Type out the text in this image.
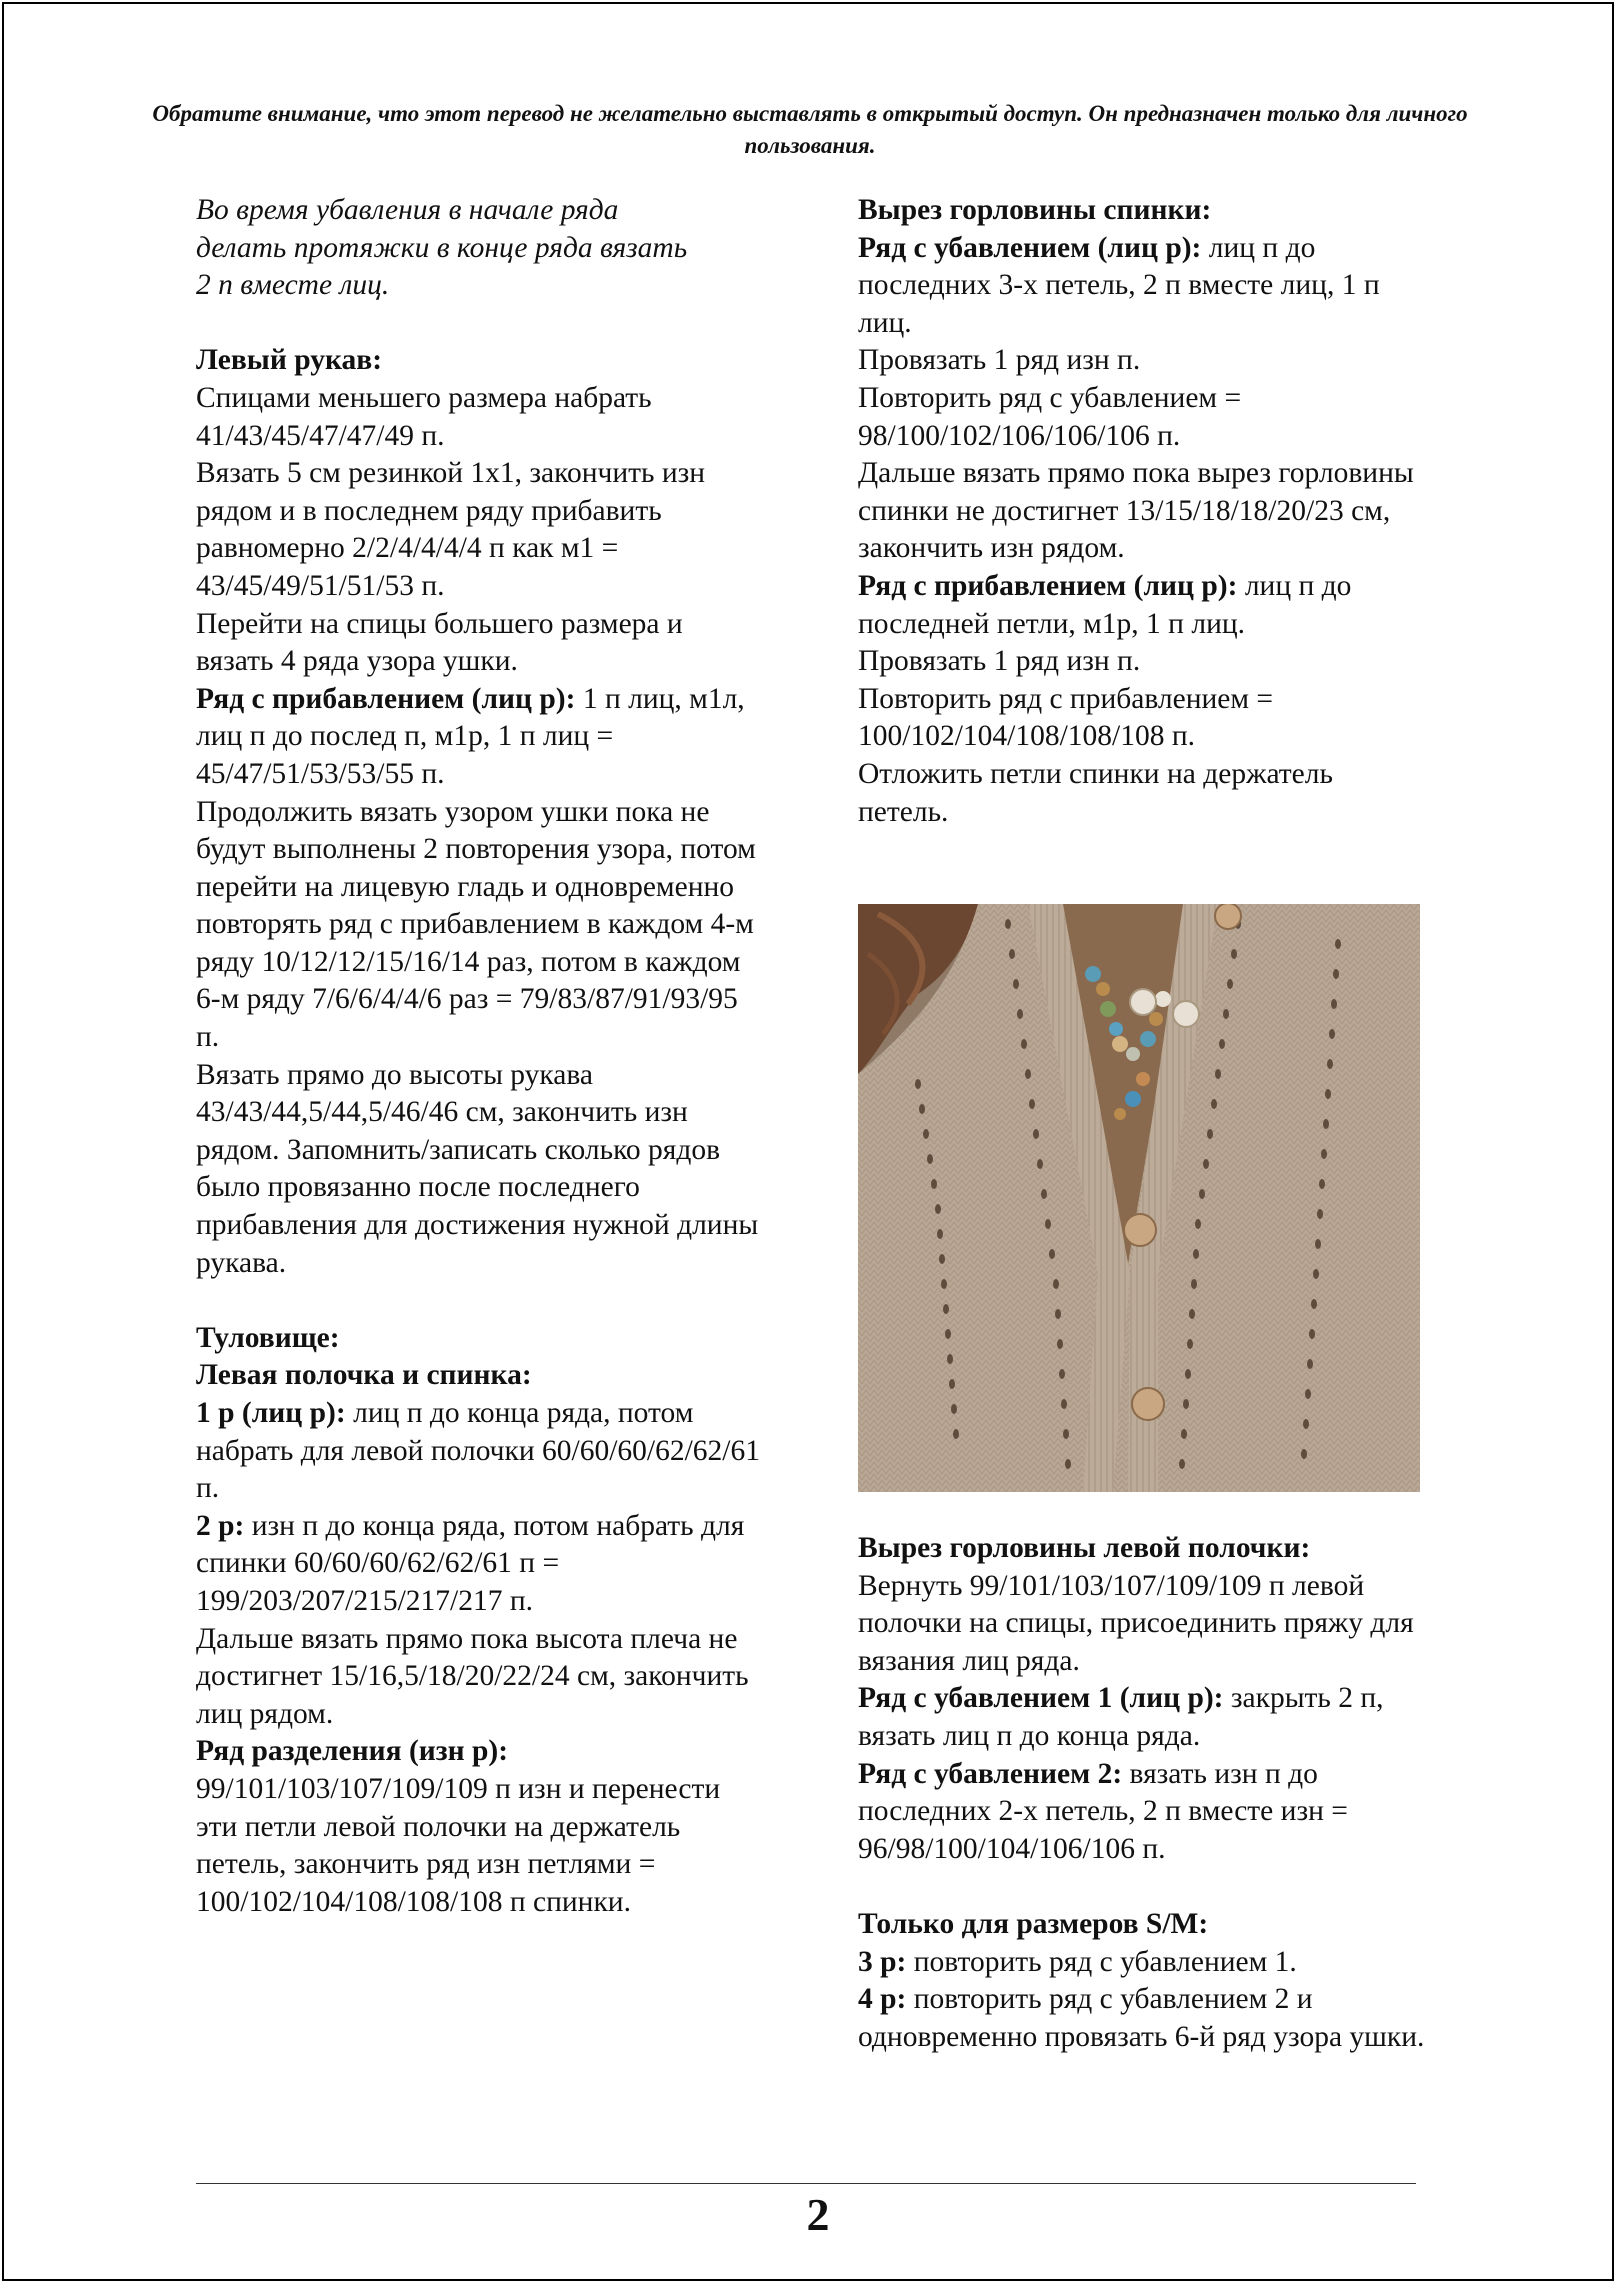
Обратите внимание, что этот перевод не желательно выставлять в открытый доступ. Он предназначен только для личного пользования.

Во время убавления в начале ряда

делать протяжки в конце ряда вязать

2 п вместе лиц.

Левый рукав:

Спицами меньшего размера набрать 41/43/45/47/47/49 п.

Вязать 5 см резинкой 1х1, закончить изн рядом и в последнем ряду прибавить равномерно 2/2/4/4/4/4 п как м1 = 43/45/49/51/51/53 п.

Перейти на спицы большего размера и вязать 4 ряда узора ушки.

Ряд с прибавлением (лиц р): 1 п лиц, м1л, лиц п до послед п, м1р, 1 п лиц = 45/47/51/53/53/55 п.

Продолжить вязать узором ушки пока не будут выполнены 2 повторения узора, потом перейти на лицевую гладь и одновременно повторять ряд с прибавлением в каждом 4-м ряду 10/12/12/15/16/14 раз, потом в каждом 6-м ряду 7/6/6/4/4/6 раз = 79/83/87/91/93/95 п.

Вязать прямо до высоты рукава 43/43/44,5/44,5/46/46 см, закончить изн рядом. Запомнить/записать сколько рядов было провязанно после последнего прибавления для достижения нужной длины рукава.

Туловище:

Левая полочка и спинка:

1 р (лиц р): лиц п до конца ряда, потом набрать для левой полочки 60/60/60/62/62/61 п.

2 р: изн п до конца ряда, потом набрать для спинки 60/60/60/62/62/61 п = 199/203/207/215/217/217 п.

Дальше вязать прямо пока высота плеча не достигнет 15/16,5/18/20/22/24 см, закончить лиц рядом.

Ряд разделения (изн р):

99/101/103/107/109/109 п изн и перенести эти петли левой полочки на держатель петель, закончить ряд изн петлями = 100/102/104/108/108/108 п спинки.

Вырез горловины спинки:

Ряд с убавлением (лиц р): лиц п до последних 3-х петель, 2 п вместе лиц, 1 п лиц.

Провязать 1 ряд изн п.

Повторить ряд с убавлением = 98/100/102/106/106/106 п.

Дальше вязать прямо пока вырез горловины спинки не достигнет 13/15/18/18/20/23 см, закончить изн рядом.

Ряд с прибавлением (лиц р): лиц п до последней петли, м1р, 1 п лиц.

Провязать 1 ряд изн п.

Повторить ряд с прибавлением = 100/102/104/108/108/108 п.

Отложить петли спинки на держатель петель.

Вырез горловины левой полочки:

Вернуть 99/101/103/107/109/109 п левой полочки на спицы, присоединить пряжу для вязания лиц ряда.

Ряд с убавлением 1 (лиц р): закрыть 2 п, вязать лиц п до конца ряда.

Ряд с убавлением 2: вязать изн п до последних 2-х петель, 2 п вместе изн = 96/98/100/104/106/106 п.

Только для размеров S/M:

3 р: повторить ряд с убавлением 1.

4 р: повторить ряд с убавлением 2 и одновременно провязать 6-й ряд узора ушки.

2
